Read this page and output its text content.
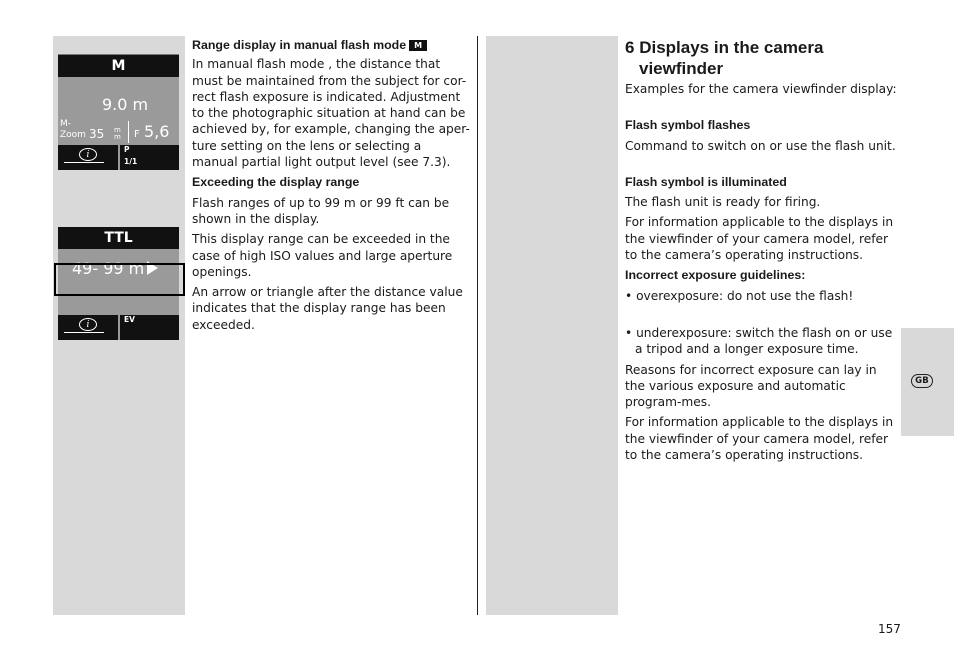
M
9.0 m
M-
Zoom 35 m
m F 5,6
i	P
1/1
TTL
49- 99 m

i	EV

Range display in manual flash mode M

In manual flash mode , the distance that must be maintained from the subject for cor-rect flash exposure is indicated. Adjustment to the photographic situation at hand can be achieved by, for example, changing the aper-ture setting on the lens or selecting a manual partial light output level (see 7.3).

Exceeding the display range

Flash ranges of up to 99 m or 99 ft can be shown in the display.

This display range can be exceeded in the case of high ISO values and large aperture openings.

An arrow or triangle after the distance value indicates that the display range has been exceeded.

6 Displays in the camera
viewfinder

Examples for the camera viewfinder display:

Flash symbol flashes

Command to switch on or use the flash unit.

Flash symbol is illuminated

The flash unit is ready for firing.

For information applicable to the displays in the viewfinder of your camera model, refer to the camera’s operating instructions.

Incorrect exposure guidelines:

• overexposure: do not use the flash!

• underexposure: switch the flash on or use a tripod and a longer exposure time.

Reasons for incorrect exposure can lay in the various exposure and automatic program-mes.

For information applicable to the displays in the viewfinder of your camera model, refer to the camera’s operating instructions.

GB
157
